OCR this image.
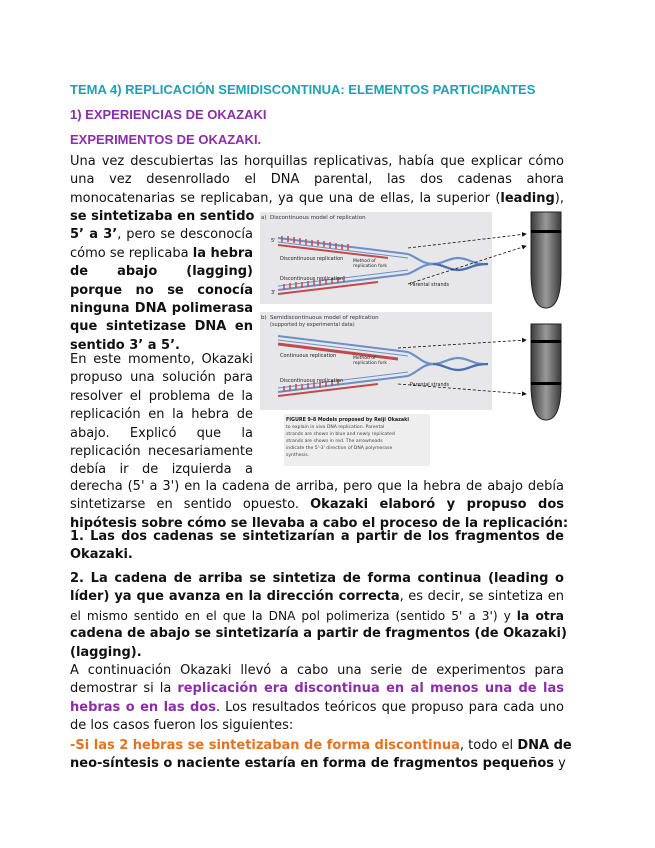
TEMA 4) REPLICACIÓN SEMIDISCONTINUA: ELEMENTOS PARTICIPANTES
1) EXPERIENCIAS DE OKAZAKI
EXPERIMENTOS DE OKAZAKI.
Una vez descubiertas las horquillas replicativas, había que explicar cómo
una vez desenrollado el DNA parental, las dos cadenas ahora
monocatenarias se replicaban, ya que una de ellas, la superior (leading),
se sintetizaba en sentido
5’ a 3’, pero se desconocía
cómo se replicaba la hebra
de abajo (lagging)
porque no se conocía
ninguna DNA polimerasa
que sintetizase DNA en
sentido 3’ a 5’.
En este momento, Okazaki
propuso una solución para
resolver el problema de la
replicación en la hebra de
abajo. Explicó que la
replicación necesariamente
debía ir de izquierda a
derecha (5' a 3') en la cadena de arriba, pero que la hebra de abajo debía
sintetizarse en sentido opuesto. Okazaki elaboró y propuso dos
hipótesis sobre cómo se llevaba a cabo el proceso de la replicación:
1. Las dos cadenas se sintetizarían a partir de los fragmentos de
Okazaki.
2. La cadena de arriba se sintetiza de forma continua (leading o
líder) ya que avanza en la dirección correcta, es decir, se sintetiza en
el mismo sentido en el que la DNA pol polimeriza (sentido 5' a 3') y la otra
cadena de abajo se sintetizaría a partir de fragmentos (de Okazaki)
(lagging).
A continuación Okazaki llevó a cabo una serie de experimentos para
demostrar si la replicación era discontinua en al menos una de las
hebras o en las dos. Los resultados teóricos que propuso para cada uno
de los casos fueron los siguientes:
-Si las 2 hebras se sintetizaban de forma discontinua, todo el DNA de
neo-síntesis o naciente estaría en forma de fragmentos pequeños y
a) Discontinuous model of replication
Discontinuous replication Method of
replication fork
Discontinuous replication
Parental strands
5'
3'
b) Semidiscontinuous model of replication
(supported by experimental data)
Continuous replication	Method of
replication fork
Discontinuous replication
Parental strands
FIGURE 9-8 Models proposed by Reiji Okazaki
to explain in vivo DNA replication. Parental
strands are shown in blue and newly replicated
strands are shown in red. The arrowheads
indicate the 5'-3' direction of DNA polymerase
synthesis.
